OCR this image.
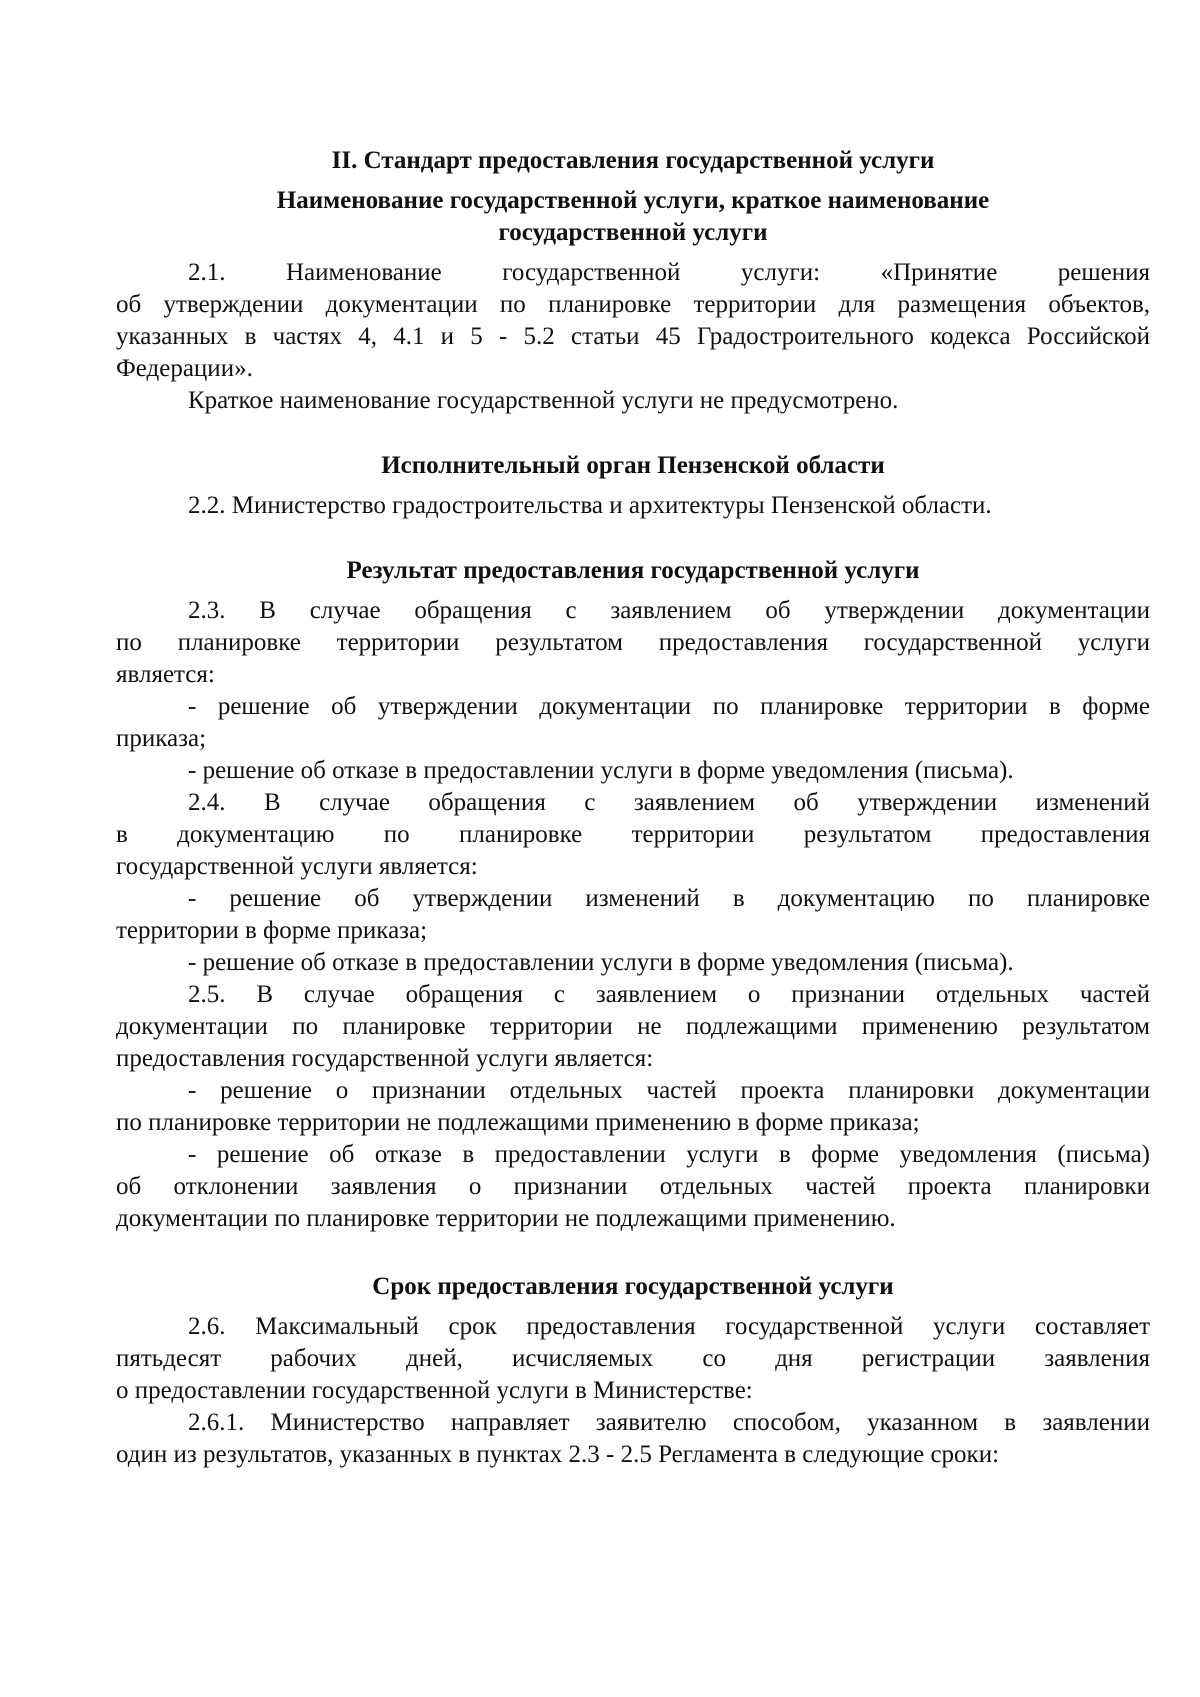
II. Стандарт предоставления государственной услуги

Наименование государственной услуги, краткое наименование
государственной услуги

2.1. Наименование государственной услуги: «Принятие решения
об утверждении документации по планировке территории для размещения объектов,
указанных в частях 4, 4.1 и 5 - 5.2 статьи 45 Градостроительного кодекса Российской
Федерации».
Краткое наименование государственной услуги не предусмотрено.

Исполнительный орган Пензенской области

2.2. Министерство градостроительства и архитектуры Пензенской области.

Результат предоставления государственной услуги

2.3. В случае обращения с заявлением об утверждении документации
по планировке территории результатом предоставления государственной услуги
является:
- решение об утверждении документации по планировке территории в форме
приказа;
- решение об отказе в предоставлении услуги в форме уведомления (письма).
2.4. В случае обращения с заявлением об утверждении изменений
в документацию по планировке территории результатом предоставления
государственной услуги является:
- решение об утверждении изменений в документацию по планировке
территории в форме приказа;
- решение об отказе в предоставлении услуги в форме уведомления (письма).
2.5. В случае обращения с заявлением о признании отдельных частей
документации по планировке территории не подлежащими применению результатом
предоставления государственной услуги является:
- решение о признании отдельных частей проекта планировки документации
по планировке территории не подлежащими применению в форме приказа;
- решение об отказе в предоставлении услуги в форме уведомления (письма)
об отклонении заявления о признании отдельных частей проекта планировки
документации по планировке территории не подлежащими применению.

Срок предоставления государственной услуги

2.6. Максимальный срок предоставления государственной услуги составляет
пятьдесят рабочих дней, исчисляемых со дня регистрации заявления
о предоставлении государственной услуги в Министерстве:
2.6.1. Министерство направляет заявителю способом, указанном в заявлении
один из результатов, указанных в пунктах 2.3 - 2.5 Регламента в следующие сроки:
